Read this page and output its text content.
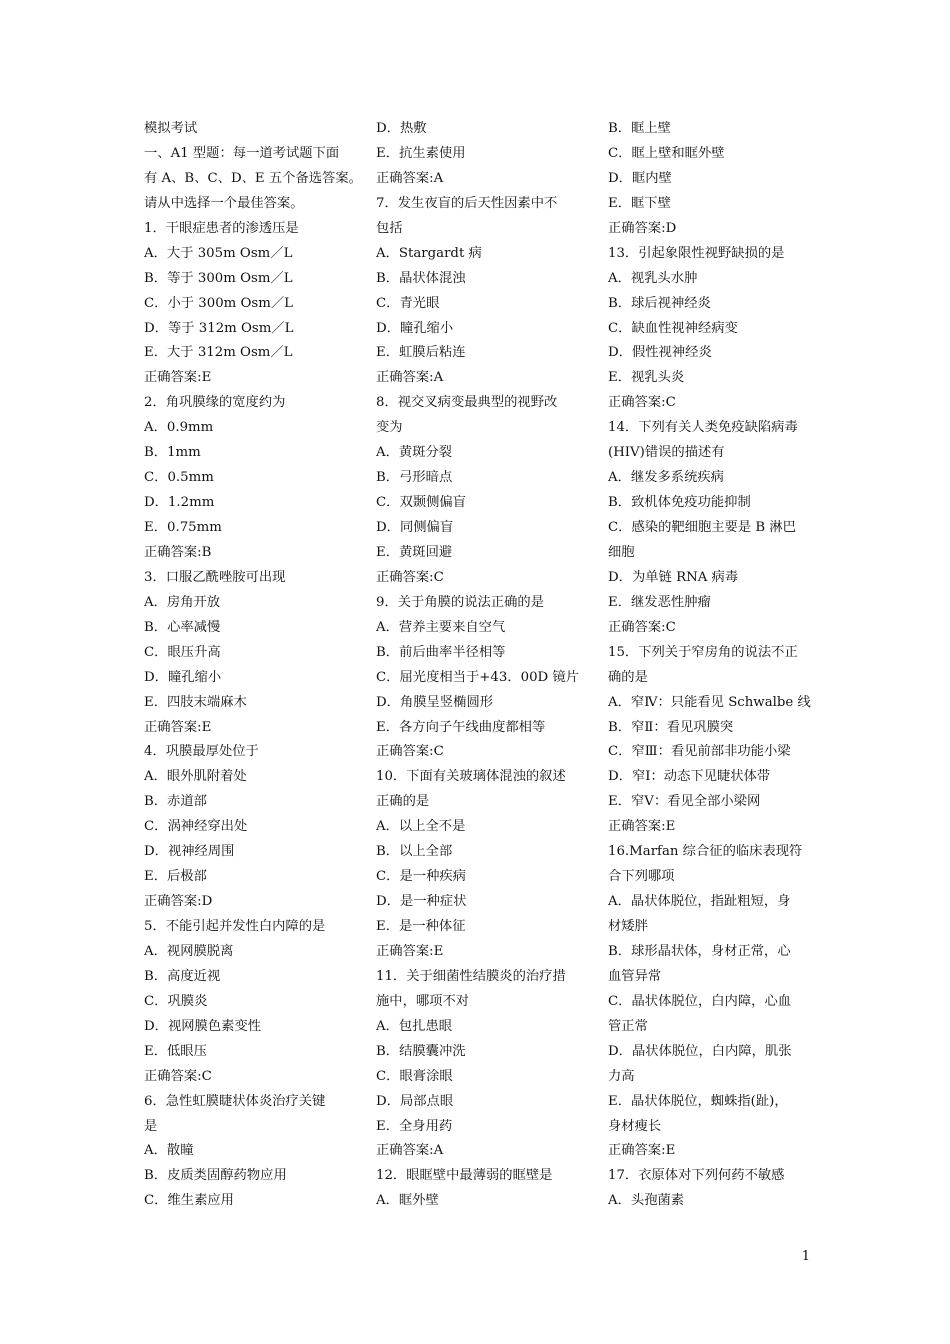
模拟考试
一、A1 型题：每一道考试题下面
有 A、B、C、D、E 五个备选答案。
请从中选择一个最佳答案。
1．干眼症患者的渗透压是
A．大于 305m Osm／L
B．等于 300m Osm／L
C．小于 300m Osm／L
D．等于 312m Osm／L
E．大于 312m Osm／L
正确答案:E
2．角巩膜缘的宽度约为
A．0.9mm
B．1mm
C．0.5mm
D．1.2mm
E．0.75mm
正确答案:B
3．口服乙酰唑胺可出现
A．房角开放
B．心率减慢
C．眼压升高
D．瞳孔缩小
E．四肢末端麻木
正确答案:E
4．巩膜最厚处位于
A．眼外肌附着处
B．赤道部
C．涡神经穿出处
D．视神经周围
E．后极部
正确答案:D
5．不能引起并发性白内障的是
A．视网膜脱离
B．高度近视
C．巩膜炎
D．视网膜色素变性
E．低眼压
正确答案:C
6．急性虹膜睫状体炎治疗关键
是
A．散瞳
B．皮质类固醇药物应用
C．维生素应用
D．热敷
E．抗生素使用
正确答案:A
7．发生夜盲的后天性因素中不
包括
A．Stargardt 病
B．晶状体混浊
C．青光眼
D．瞳孔缩小
E．虹膜后粘连
正确答案:A
8．视交叉病变最典型的视野改
变为
A．黄斑分裂
B．弓形暗点
C．双颞侧偏盲
D．同侧偏盲
E．黄斑回避
正确答案:C
9．关于角膜的说法正确的是
A．营养主要来自空气
B．前后曲率半径相等
C．屈光度相当于+43．00D 镜片
D．角膜呈竖椭圆形
E．各方向子午线曲度都相等
正确答案:C
10．下面有关玻璃体混浊的叙述
正确的是
A．以上全不是
B．以上全部
C．是一种疾病
D．是一种症状
E．是一种体征
正确答案:E
11．关于细菌性结膜炎的治疗措
施中，哪项不对
A．包扎患眼
B．结膜囊冲洗
C．眼膏涂眼
D．局部点眼
E．全身用药
正确答案:A
12．眼眶壁中最薄弱的眶壁是
A．眶外壁
B．眶上壁
C．眶上壁和眶外壁
D．眶内壁
E．眶下壁
正确答案:D
13．引起象限性视野缺损的是
A．视乳头水肿
B．球后视神经炎
C．缺血性视神经病变
D．假性视神经炎
E．视乳头炎
正确答案:C
14．下列有关人类免疫缺陷病毒
(HIV)错误的描述有
A．继发多系统疾病
B．致机体免疫功能抑制
C．感染的靶细胞主要是 B 淋巴
细胞
D．为单链 RNA 病毒
E．继发恶性肿瘤
正确答案:C
15．下列关于窄房角的说法不正
确的是
A．窄Ⅳ：只能看见 Schwalbe 线
B．窄Ⅱ：看见巩膜突
C．窄Ⅲ：看见前部非功能小梁
D．窄Ⅰ：动态下见睫状体带
E．窄Ⅴ：看见全部小梁网
正确答案:E
16.Marfan 综合征的临床表现符
合下列哪项
A．晶状体脱位，指趾粗短，身
材矮胖
B．球形晶状体，身材正常，心
血管异常
C．晶状体脱位，白内障，心血
管正常
D．晶状体脱位，白内障，肌张
力高
E．晶状体脱位，蜘蛛指(趾)，
身材瘦长
正确答案:E
17．衣原体对下列何药不敏感
A．头孢菌素
1
